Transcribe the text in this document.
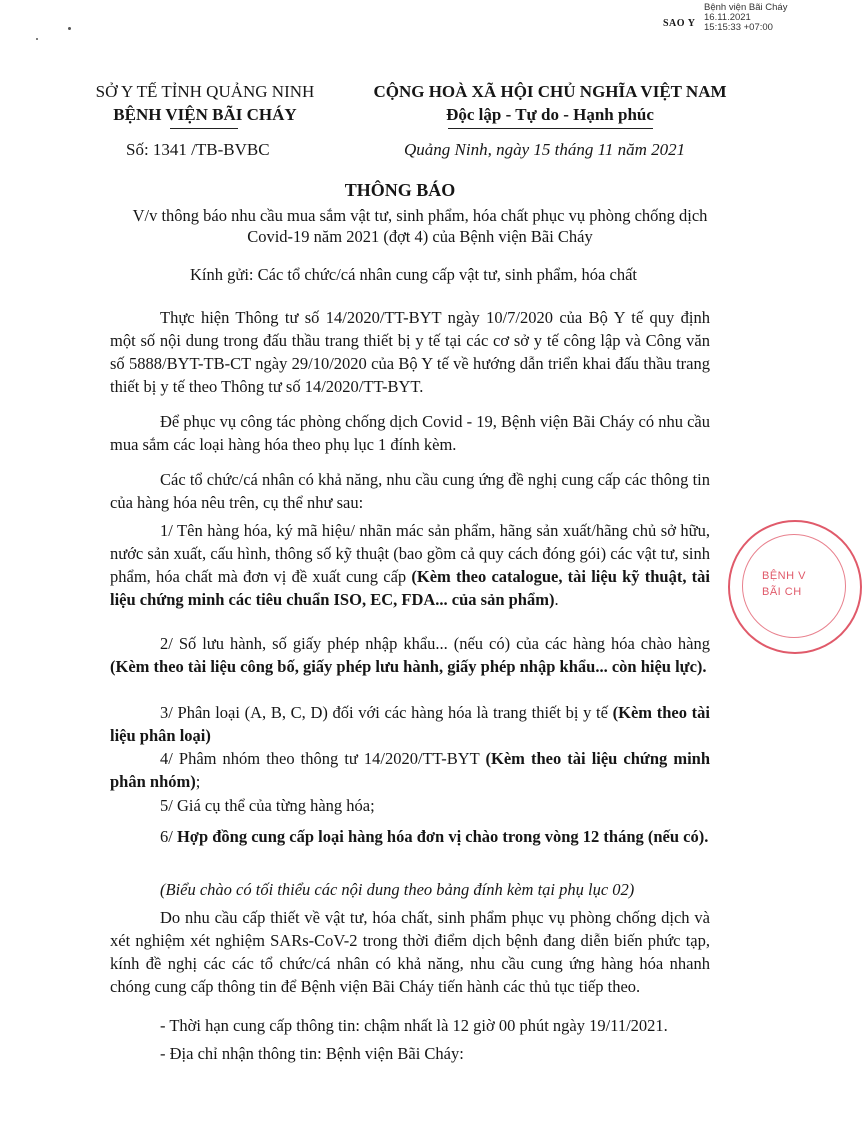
Bệnh viện Bãi Cháy
16.11.2021
15:15:33 +07:00
SAO Y
SỞ Y TẾ TỈNH QUẢNG NINH
BỆNH VIỆN BÃI CHÁY
CỘNG HOÀ XÃ HỘI CHỦ NGHĨA VIỆT NAM
Độc lập - Tự do - Hạnh phúc
Số: 1341 /TB-BVBC	Quảng Ninh, ngày 15 tháng 11 năm 2021
THÔNG BÁO
V/v thông báo nhu cầu mua sắm vật tư, sinh phẩm, hóa chất phục vụ phòng chống dịch
Covid-19 năm 2021 (đợt 4) của Bệnh viện Bãi Cháy
Kính gửi: Các tổ chức/cá nhân cung cấp vật tư, sinh phẩm, hóa chất
Thực hiện Thông tư số 14/2020/TT-BYT ngày 10/7/2020 của Bộ Y tế quy định một số nội dung trong đấu thầu trang thiết bị y tế tại các cơ sở y tế công lập và Công văn số 5888/BYT-TB-CT ngày 29/10/2020 của Bộ Y tế về hướng dẫn triển khai đấu thầu trang thiết bị y tế theo Thông tư số 14/2020/TT-BYT.
Để phục vụ công tác phòng chống dịch Covid - 19, Bệnh viện Bãi Cháy có nhu cầu mua sắm các loại hàng hóa theo phụ lục 1 đính kèm.
Các tổ chức/cá nhân có khả năng, nhu cầu cung ứng đề nghị cung cấp các thông tin của hàng hóa nêu trên, cụ thể như sau:
1/ Tên hàng hóa, ký mã hiệu/ nhãn mác sản phẩm, hãng sản xuất/hãng chủ sở hữu, nước sản xuất, cấu hình, thông số kỹ thuật (bao gồm cả quy cách đóng gói) các vật tư, sinh phẩm, hóa chất mà đơn vị đề xuất cung cấp (Kèm theo catalogue, tài liệu kỹ thuật, tài liệu chứng minh các tiêu chuẩn ISO, EC, FDA... của sản phẩm).
2/ Số lưu hành, số giấy phép nhập khẩu... (nếu có) của các hàng hóa chào hàng (Kèm theo tài liệu công bố, giấy phép lưu hành, giấy phép nhập khẩu... còn hiệu lực).
3/ Phân loại (A, B, C, D) đối với các hàng hóa là trang thiết bị y tế (Kèm theo tài liệu phân loại)
4/ Phâm nhóm theo thông tư 14/2020/TT-BYT (Kèm theo tài liệu chứng minh phân nhóm);
5/ Giá cụ thể của từng hàng hóa;
6/ Hợp đồng cung cấp loại hàng hóa đơn vị chào trong vòng 12 tháng (nếu có).
(Biểu chào có tối thiểu các nội dung theo bảng đính kèm tại phụ lục 02)
Do nhu cầu cấp thiết về vật tư, hóa chất, sinh phẩm phục vụ phòng chống dịch và xét nghiệm xét nghiệm SARs-CoV-2 trong thời điểm dịch bệnh đang diễn biến phức tạp, kính đề nghị các các tổ chức/cá nhân có khả năng, nhu cầu cung ứng hàng hóa nhanh chóng cung cấp thông tin để Bệnh viện Bãi Cháy tiến hành các thủ tục tiếp theo.
- Thời hạn cung cấp thông tin: chậm nhất là 12 giờ 00 phút ngày 19/11/2021.
- Địa chỉ nhận thông tin: Bệnh viện Bãi Cháy:
BỆNH V
BÃI CH
